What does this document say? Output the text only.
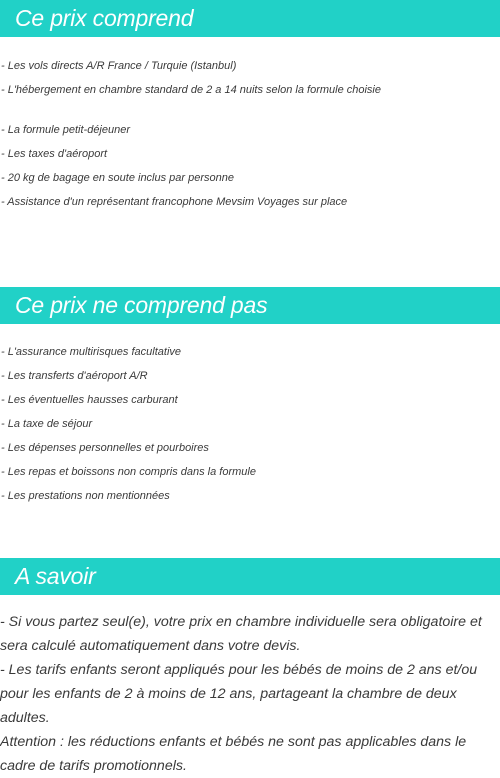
Ce prix comprend
- Les vols directs A/R France / Turquie (Istanbul)
- L'hébergement en chambre standard de 2 a 14 nuits selon la formule choisie
- La formule petit-déjeuner
- Les taxes d'aéroport
- 20 kg de bagage en soute inclus par personne
- Assistance d'un représentant francophone Mevsim Voyages sur place
Ce prix ne comprend pas
- L'assurance multirisques facultative
- Les transferts d'aéroport A/R
- Les éventuelles hausses carburant
- La taxe de séjour
- Les dépenses personnelles et pourboires
- Les repas et boissons non compris dans la formule
- Les prestations non mentionnées
A savoir
- Si vous partez seul(e), votre prix en chambre individuelle sera obligatoire et sera calculé automatiquement dans votre devis.
- Les tarifs enfants seront appliqués pour les bébés de moins de 2 ans et/ou pour les enfants de 2 à moins de 12 ans, partageant la chambre de deux adultes.
Attention : les réductions enfants et bébés ne sont pas applicables dans le cadre de tarifs promotionnels.
